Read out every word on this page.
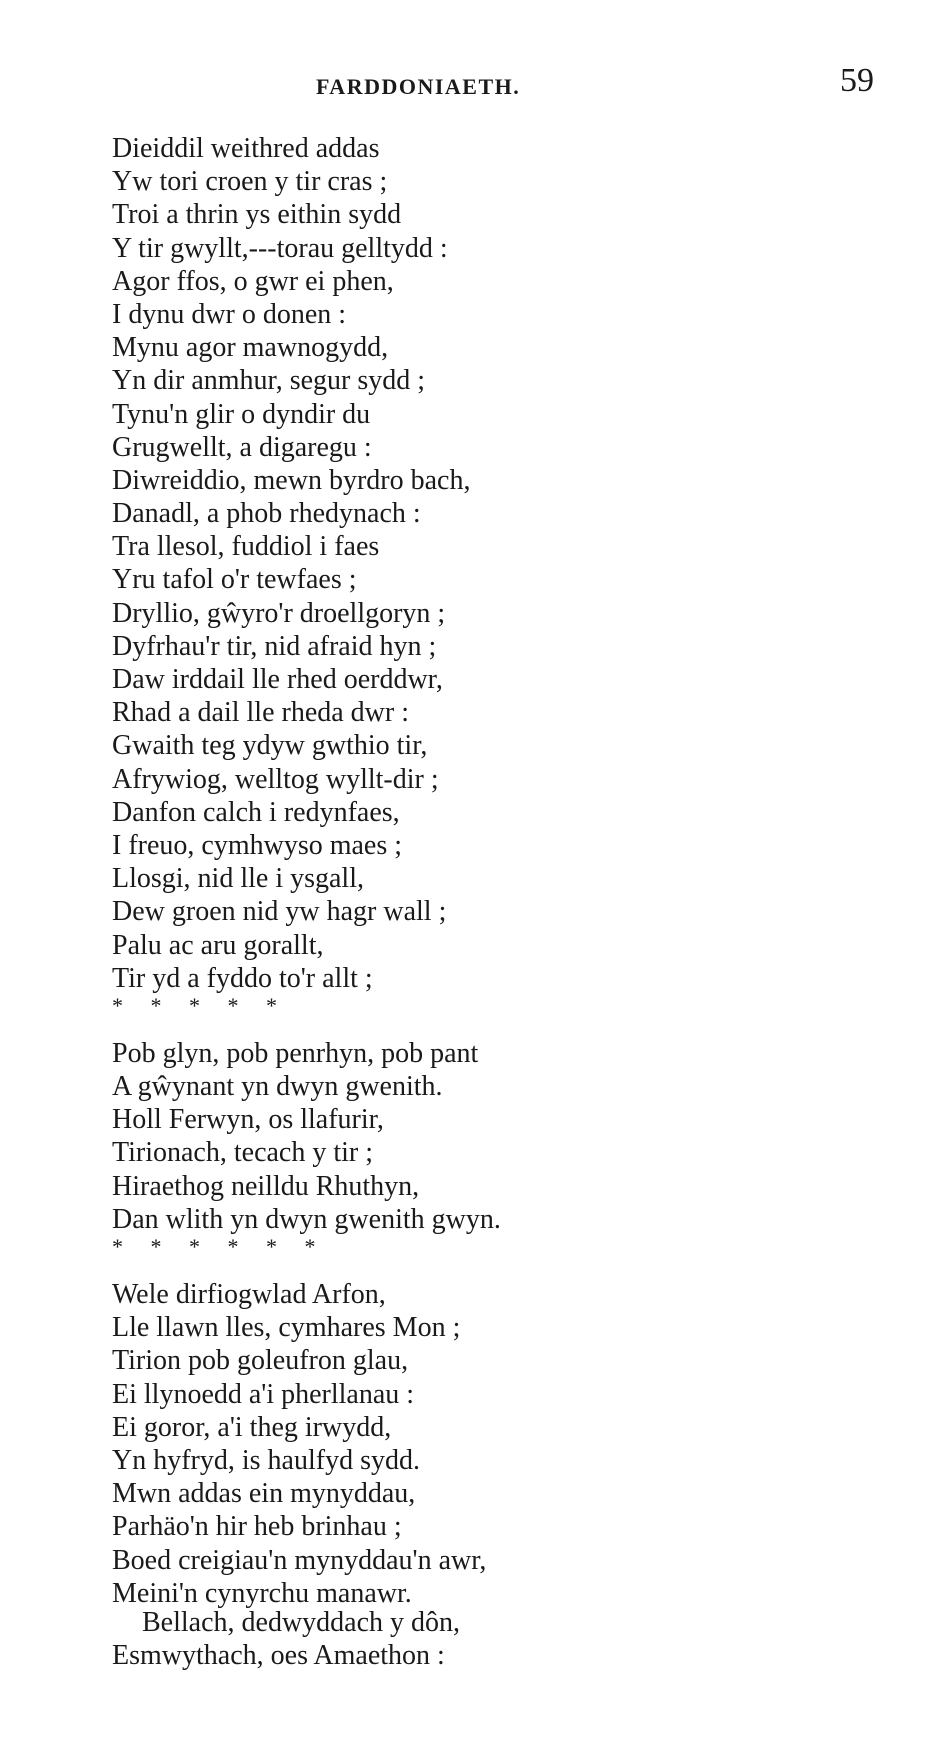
FARDDONIAETH.	59
Dieiddil weithred addas
Yw tori croen y tir cras ;
Troi a thrin ys eithin sydd
Y tir gwyllt,---torau gelltydd :
Agor ffos, o gwr ei phen,
I dynu dwr o donen :
Mynu agor mawnogydd,
Yn dir anmhur, segur sydd ;
Tynu'n glir o dyndir du
Grugwellt, a digaregu :
Diwreiddio, mewn byrdro bach,
Danadl, a phob rhedynach :
Tra llesol, fuddiol i faes
Yru tafol o'r tewfaes ;
Dryllio, gŵyro'r droellgoryn ;
Dyfrhau'r tir, nid afraid hyn ;
Daw irddail lle rhed oerddwr,
Rhad a dail lle rheda dwr :
Gwaith teg ydyw gwthio tir,
Afrywiog, welltog wyllt-dir ;
Danfon calch i redynfaes,
I freuo, cymhwyso maes ;
Llosgi, nid lle i ysgall,
Dew groen nid yw hagr wall ;
Palu ac aru gorallt,
Tir yd a fyddo to'r allt ;
*     *     *     *     *
Pob glyn, pob penrhyn, pob pant
A gŵynant yn dwyn gwenith.
Holl Ferwyn, os llafurir,
Tirionach, tecach y tir ;
Hiraethog neilldu Rhuthyn,
Dan wlith yn dwyn gwenith gwyn.
*     *     *     *     *     *
Wele dirfiogwlad Arfon,
Lle llawn lles, cymhares Mon ;
Tirion pob goleufron glau,
Ei llynoedd a'i pherllanau :
Ei goror, a'i theg irwydd,
Yn hyfryd, is haulfyd sydd.
Mwn addas ein mynyddau,
Parhäo'n hir heb brinhau ;
Boed creigiau'n mynyddau'n awr,
Meini'n cynyrchu manawr.
Bellach, dedwyddach y dôn,
Esmwythach, oes Amaethon :
